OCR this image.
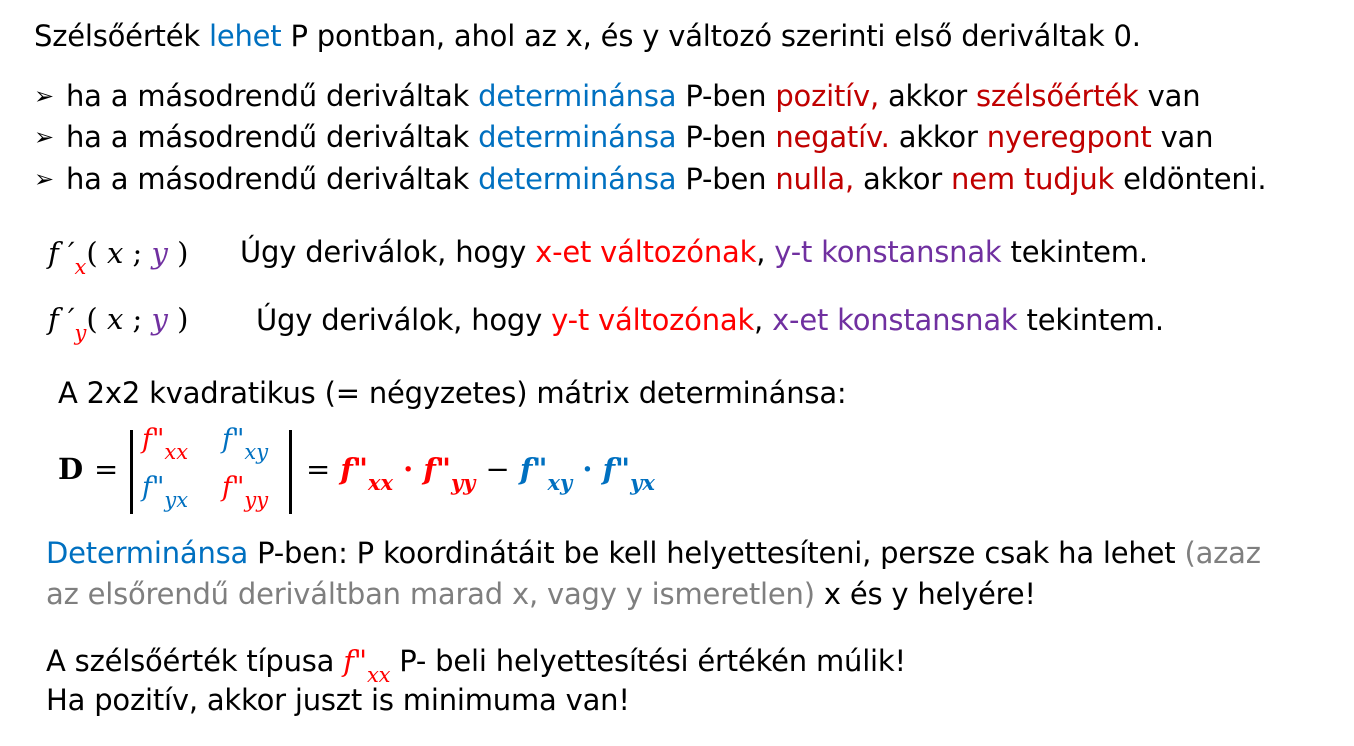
Szélsőérték lehet P pontban, ahol az x, és y változó szerinti első deriváltak 0.
➢ ha a másodrendű deriváltak determinánsa P-ben pozitív, akkor szélsőérték van
➢ ha a másodrendű deriváltak determinánsa P-ben negatív. akkor nyeregpont van
➢ ha a másodrendű deriváltak determinánsa P-ben nulla, akkor nem tudjuk eldönteni.
f $'_x$( x ; y ) Úgy deriválok, hogy x-et változónak, y-t konstansnak tekintem.
f $'_y$( x ; y ) Úgy deriválok, hogy y-t változónak, x-et konstansnak tekintem.
A 2x2 kvadratikus (= négyzetes) mátrix determinánsa:
D =
$f"_{xx}$ $f"_{xy}$
$f"_{yx}$ $f"_{yy}$
= $f"_{xx}$ · $f"_{yy}$ − $f"_{xy}$ · $f"_{yx}$
Determinánsa P-ben: P koordinátáit be kell helyettesíteni, persze csak ha lehet (azaz
az elsőrendű deriváltban marad x, vagy y ismeretlen) x és y helyére!
A szélsőérték típusa $f"_{xx}$ P- beli helyettesítési értékén múlik!
Ha pozitív, akkor juszt is minimuma van!
